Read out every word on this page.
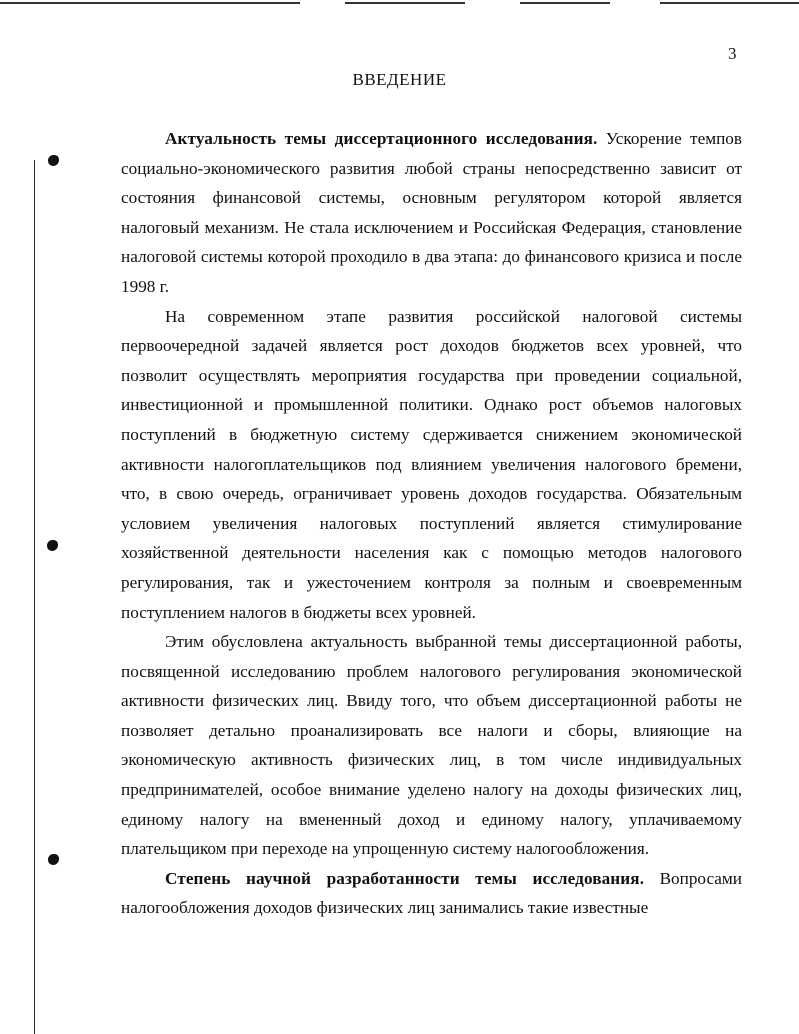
3
ВВЕДЕНИЕ

Актуальность темы диссертационного исследования. Ускорение темпов социально-экономического развития любой страны непосредственно зависит от состояния финансовой системы, основным регулятором которой является налоговый механизм. Не стала исключением и Российская Федерация, становление налоговой системы которой проходило в два этапа: до финансового кризиса и после 1998 г.

На современном этапе развития российской налоговой системы первоочередной задачей является рост доходов бюджетов всех уровней, что позволит осуществлять мероприятия государства при проведении социальной, инвестиционной и промышленной политики. Однако рост объемов налоговых поступлений в бюджетную систему сдерживается снижением экономической активности налогоплательщиков под влиянием увеличения налогового бремени, что, в свою очередь, ограничивает уровень доходов государства. Обязательным условием увеличения налоговых поступлений является стимулирование хозяйственной деятельности населения как с помощью методов налогового регулирования, так и ужесточением контроля за полным и своевременным поступлением налогов в бюджеты всех уровней.

Этим обусловлена актуальность выбранной темы диссертационной работы, посвященной исследованию проблем налогового регулирования экономической активности физических лиц. Ввиду того, что объем диссертационной работы не позволяет детально проанализировать все налоги и сборы, влияющие на экономическую активность физических лиц, в том числе индивидуальных предпринимателей, особое внимание уделено налогу на доходы физических лиц, единому налогу на вмененный доход и единому налогу, уплачиваемому плательщиком при переходе на упрощенную систему налогообложения.

Степень научной разработанности темы исследования. Вопросами налогообложения доходов физических лиц занимались такие известные
